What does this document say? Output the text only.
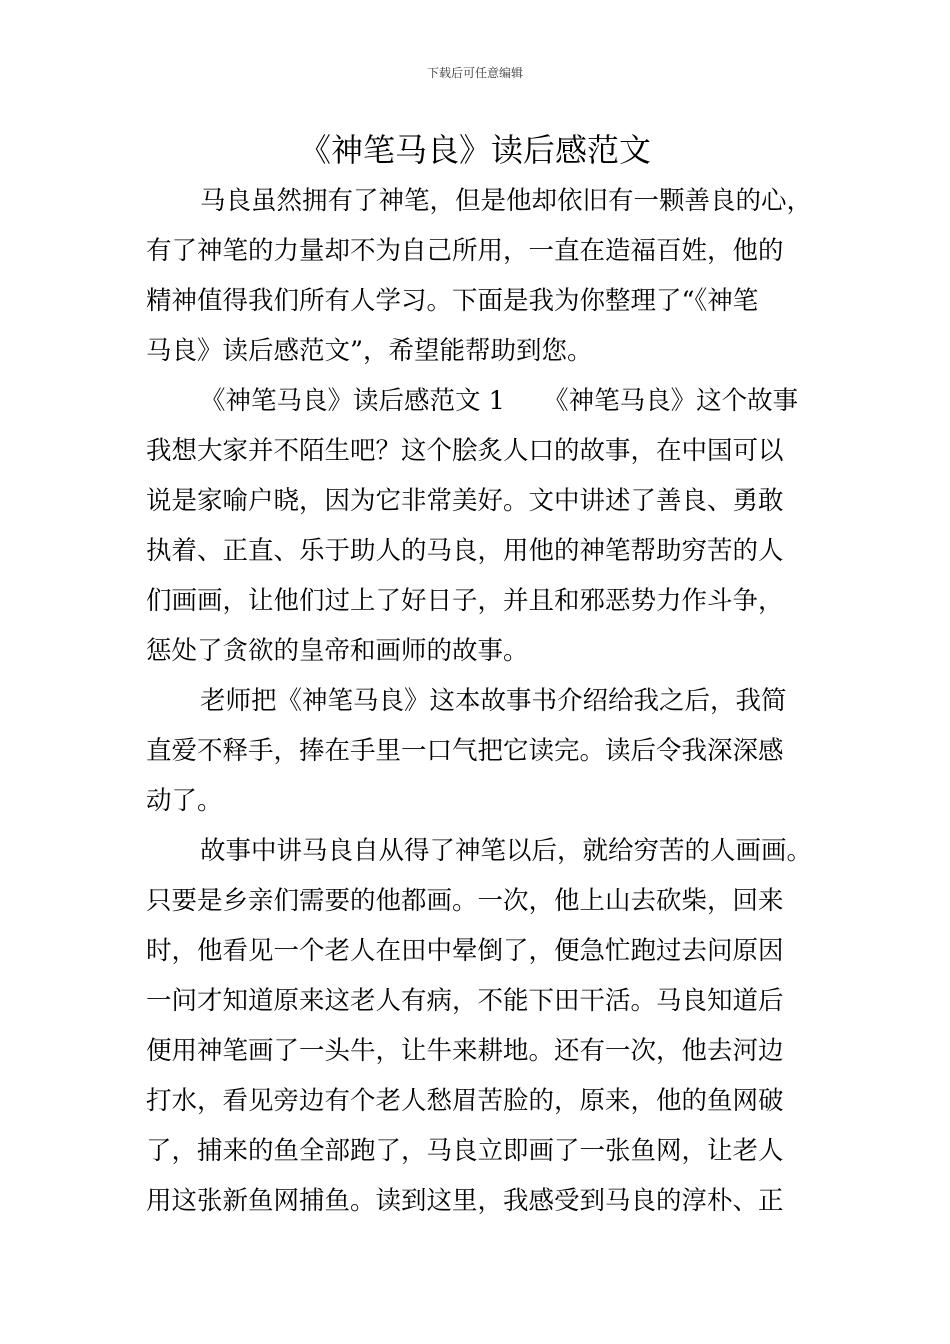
下载后可任意编辑
《神笔马良》读后感范文
马良虽然拥有了神笔，但是他却依旧有一颗善良的心，
有了神笔的力量却不为自己所用，一直在造福百姓，他的
精神值得我们所有人学习。下面是我为你整理了“《神笔
马良》读后感范文”，希望能帮助到您。
《神笔马良》读后感范文 1　　《神笔马良》这个故事
我想大家并不陌生吧？这个脍炙人口的故事，在中国可以
说是家喻户晓，因为它非常美好。文中讲述了善良、勇敢
执着、正直、乐于助人的马良，用他的神笔帮助穷苦的人
们画画，让他们过上了好日子，并且和邪恶势力作斗争，
惩处了贪欲的皇帝和画师的故事。
老师把《神笔马良》这本故事书介绍给我之后，我简
直爱不释手，捧在手里一口气把它读完。读后令我深深感
动了。
故事中讲马良自从得了神笔以后，就给穷苦的人画画。
只要是乡亲们需要的他都画。一次，他上山去砍柴，回来
时，他看见一个老人在田中晕倒了，便急忙跑过去问原因
一问才知道原来这老人有病，不能下田干活。马良知道后
便用神笔画了一头牛，让牛来耕地。还有一次，他去河边
打水，看见旁边有个老人愁眉苦脸的，原来，他的鱼网破
了，捕来的鱼全部跑了，马良立即画了一张鱼网，让老人
用这张新鱼网捕鱼。读到这里，我感受到马良的淳朴、正
